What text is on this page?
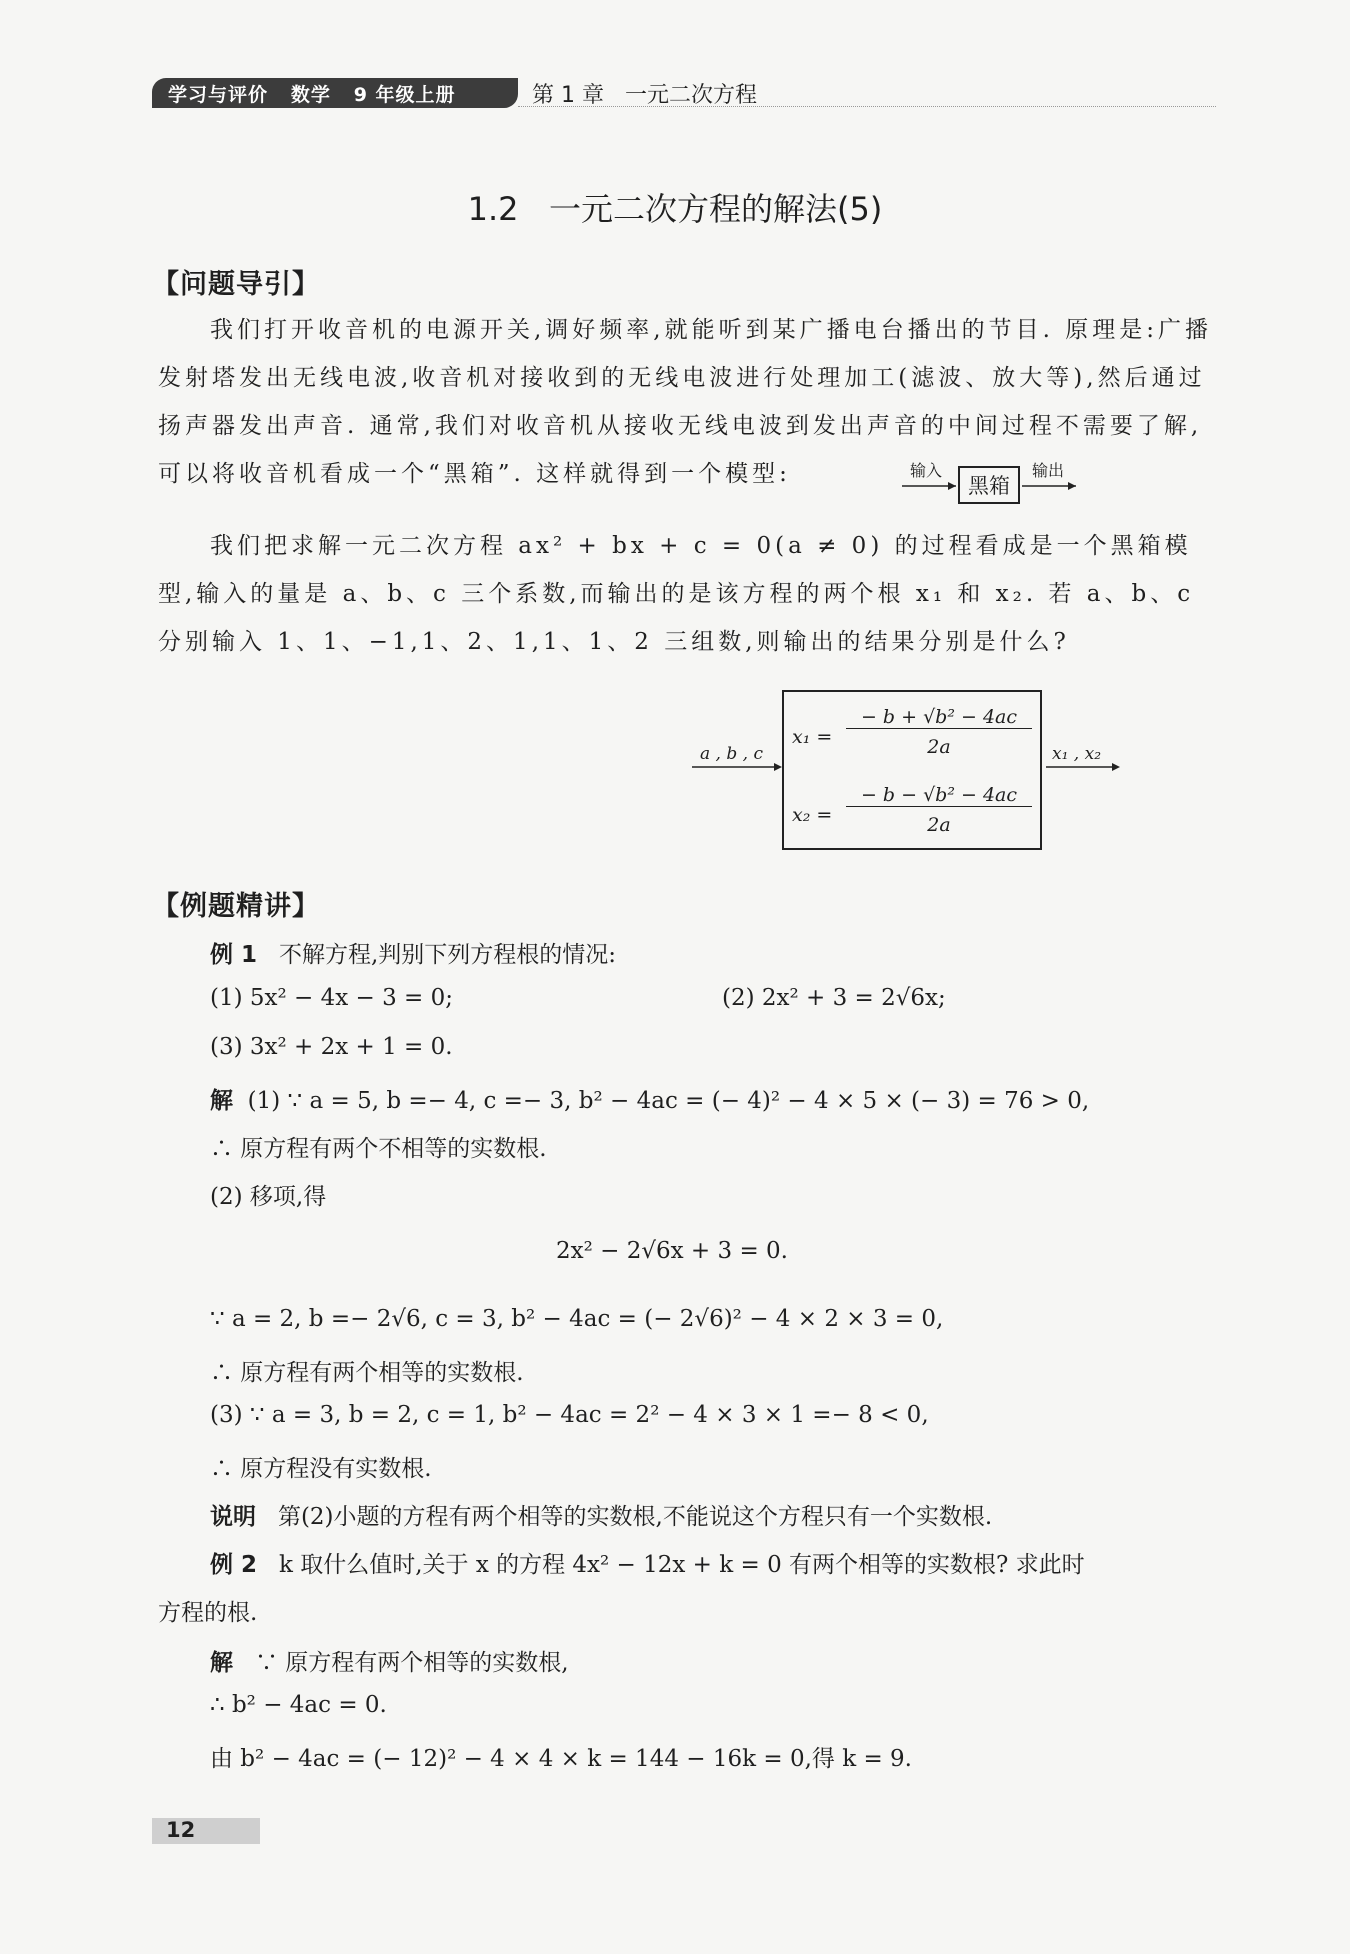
学习与评价   数学   9 年级上册	第 1 章   一元二次方程
1.2   一元二次方程的解法(5)
【问题导引】
我们打开收音机的电源开关,调好频率,就能听到某广播电台播出的节目. 原理是:广播发射塔发出无线电波,收音机对接收到的无线电波进行处理加工(滤波、放大等),然后通过扬声器发出声音. 通常,我们对收音机从接收无线电波到发出声音的中间过程不需要了解,可以将收音机看成一个“黑箱”. 这样就得到一个模型:	输入
黑箱
输出
我们把求解一元二次方程 ax² + bx + c = 0(a ≠ 0) 的过程看成是一个黑箱模型,输入的量是 a、b、c 三个系数,而输出的是该方程的两个根 x₁ 和 x₂. 若 a、b、c 分别输入 1、1、−1,1、2、1,1、1、2 三组数,则输出的结果分别是什么?
a , b , c
x₁ =
− b + √b² − 4ac
2a
x₂ =
− b − √b² − 4ac
2a
x₁ , x₂
【例题精讲】
例 1 不解方程,判别下列方程根的情况:
(1) 5x² − 4x − 3 = 0;	(2) 2x² + 3 = 2√6x;
(3) 3x² + 2x + 1 = 0.
解 (1) ∵ a = 5, b =− 4, c =− 3, b² − 4ac = (− 4)² − 4 × 5 × (− 3) = 76 > 0,
∴ 原方程有两个不相等的实数根.
(2) 移项,得
2x² − 2√6x + 3 = 0.
∵ a = 2, b =− 2√6, c = 3, b² − 4ac = (− 2√6)² − 4 × 2 × 3 = 0,
∴ 原方程有两个相等的实数根.
(3) ∵ a = 3, b = 2, c = 1, b² − 4ac = 2² − 4 × 3 × 1 =− 8 < 0,
∴ 原方程没有实数根.
说明 第(2)小题的方程有两个相等的实数根,不能说这个方程只有一个实数根.
例 2 k 取什么值时,关于 x 的方程 4x² − 12x + k = 0 有两个相等的实数根? 求此时
方程的根.
解 ∵ 原方程有两个相等的实数根,
∴ b² − 4ac = 0.
由 b² − 4ac = (− 12)² − 4 × 4 × k = 144 − 16k = 0,得 k = 9.
12
